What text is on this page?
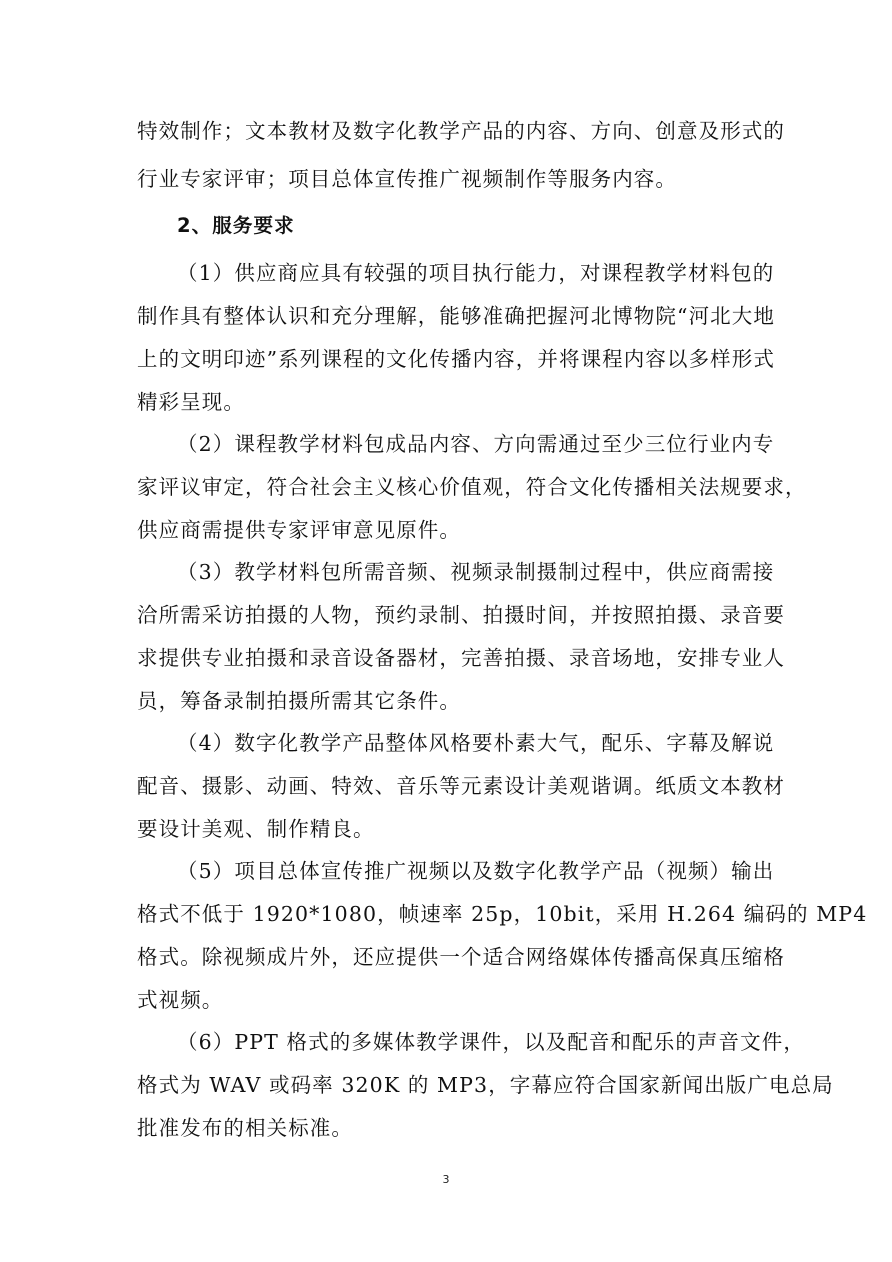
特效制作；文本教材及数字化教学产品的内容、方向、创意及形式的
行业专家评审；项目总体宣传推广视频制作等服务内容。
2、服务要求
（1）供应商应具有较强的项目执行能力，对课程教学材料包的
制作具有整体认识和充分理解，能够准确把握河北博物院“河北大地
上的文明印迹”系列课程的文化传播内容，并将课程内容以多样形式
精彩呈现。
（2）课程教学材料包成品内容、方向需通过至少三位行业内专
家评议审定，符合社会主义核心价值观，符合文化传播相关法规要求，
供应商需提供专家评审意见原件。
（3）教学材料包所需音频、视频录制摄制过程中，供应商需接
洽所需采访拍摄的人物，预约录制、拍摄时间，并按照拍摄、录音要
求提供专业拍摄和录音设备器材，完善拍摄、录音场地，安排专业人
员，筹备录制拍摄所需其它条件。
（4）数字化教学产品整体风格要朴素大气，配乐、字幕及解说
配音、摄影、动画、特效、音乐等元素设计美观谐调。纸质文本教材
要设计美观、制作精良。
（5）项目总体宣传推广视频以及数字化教学产品（视频）输出
格式不低于 1920*1080，帧速率 25p，10bit，采用 H.264 编码的 MP4
格式。除视频成片外，还应提供一个适合网络媒体传播高保真压缩格
式视频。
（6）PPT 格式的多媒体教学课件，以及配音和配乐的声音文件，
格式为 WAV 或码率 320K 的 MP3，字幕应符合国家新闻出版广电总局
批准发布的相关标准。
3
